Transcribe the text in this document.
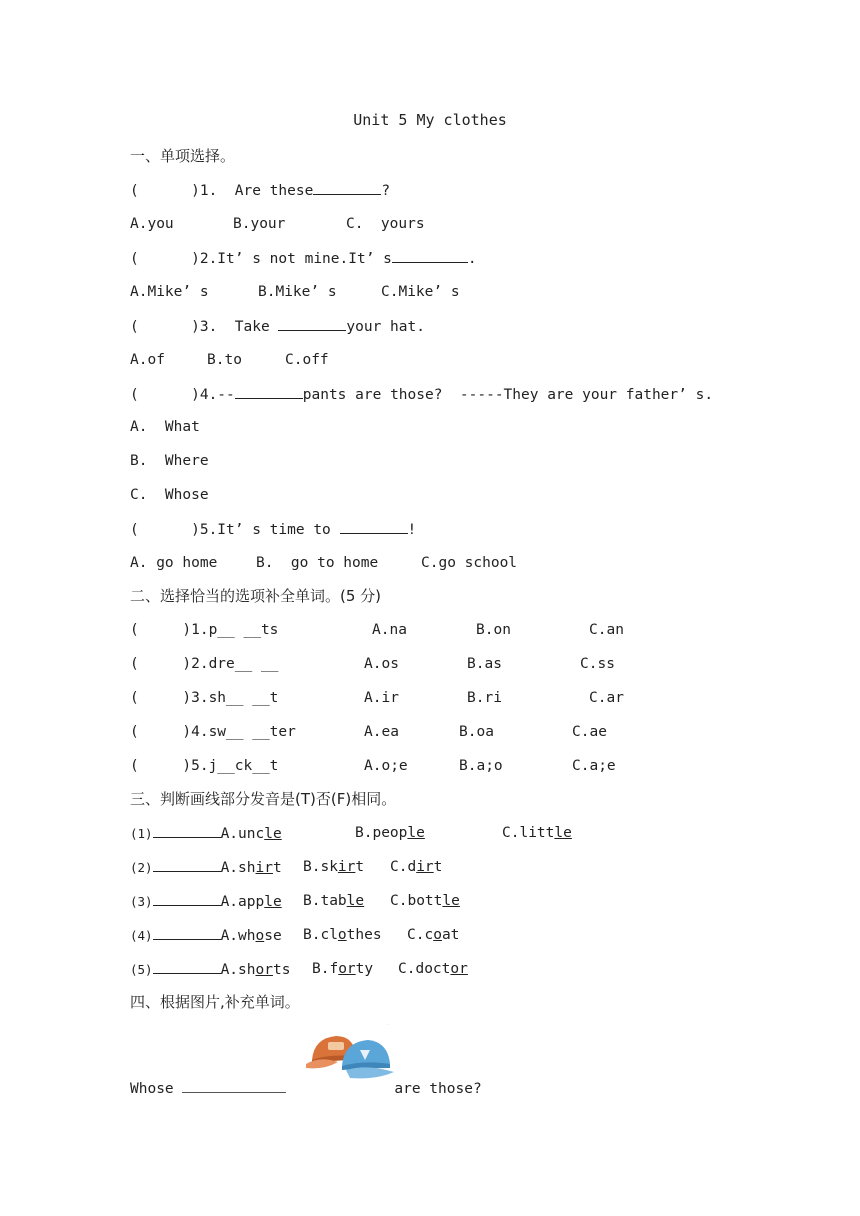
Unit 5 My clothes
一、单项选择。
(      )1.  Are these	?
A.you	B.your	C.  yours
(      )2.It’ s not mine.It’ s	.
A.Mike’ s	B.Mike’ s	C.Mike’ s
(      )3.  Take	your hat.
A.of	B.to	C.off
(      )4.--	pants are those?  -----They are your father’ s.
A.  What
B.  Where
C.  Whose
(      )5.It’ s time to	!
A. go home	B.  go to home	C.go school
二、选择恰当的选项补全单词。(5 分)
(     )1.p__ __ts	A.na	B.on	C.an
(     )2.dre__ __	A.os	B.as	C.ss
(     )3.sh__ __t	A.ir	B.ri	C.ar
(     )4.sw__ __ter	A.ea	B.oa	C.ae
(     )5.j__ck__t	A.o;e	B.a;o	C.a;e
三、判断画线部分发音是(T)否(F)相同。
(1)	A.uncle	B.people	C.little
(2)	A.shirt B.skirt C.dirt
(3)	A.apple B.table C.bottle
(4)	A.whose B.clothes C.coat
(5)	A.shorts B.forty C.doctor
四、根据图片,补充单词。
¨
Whose	are those?
